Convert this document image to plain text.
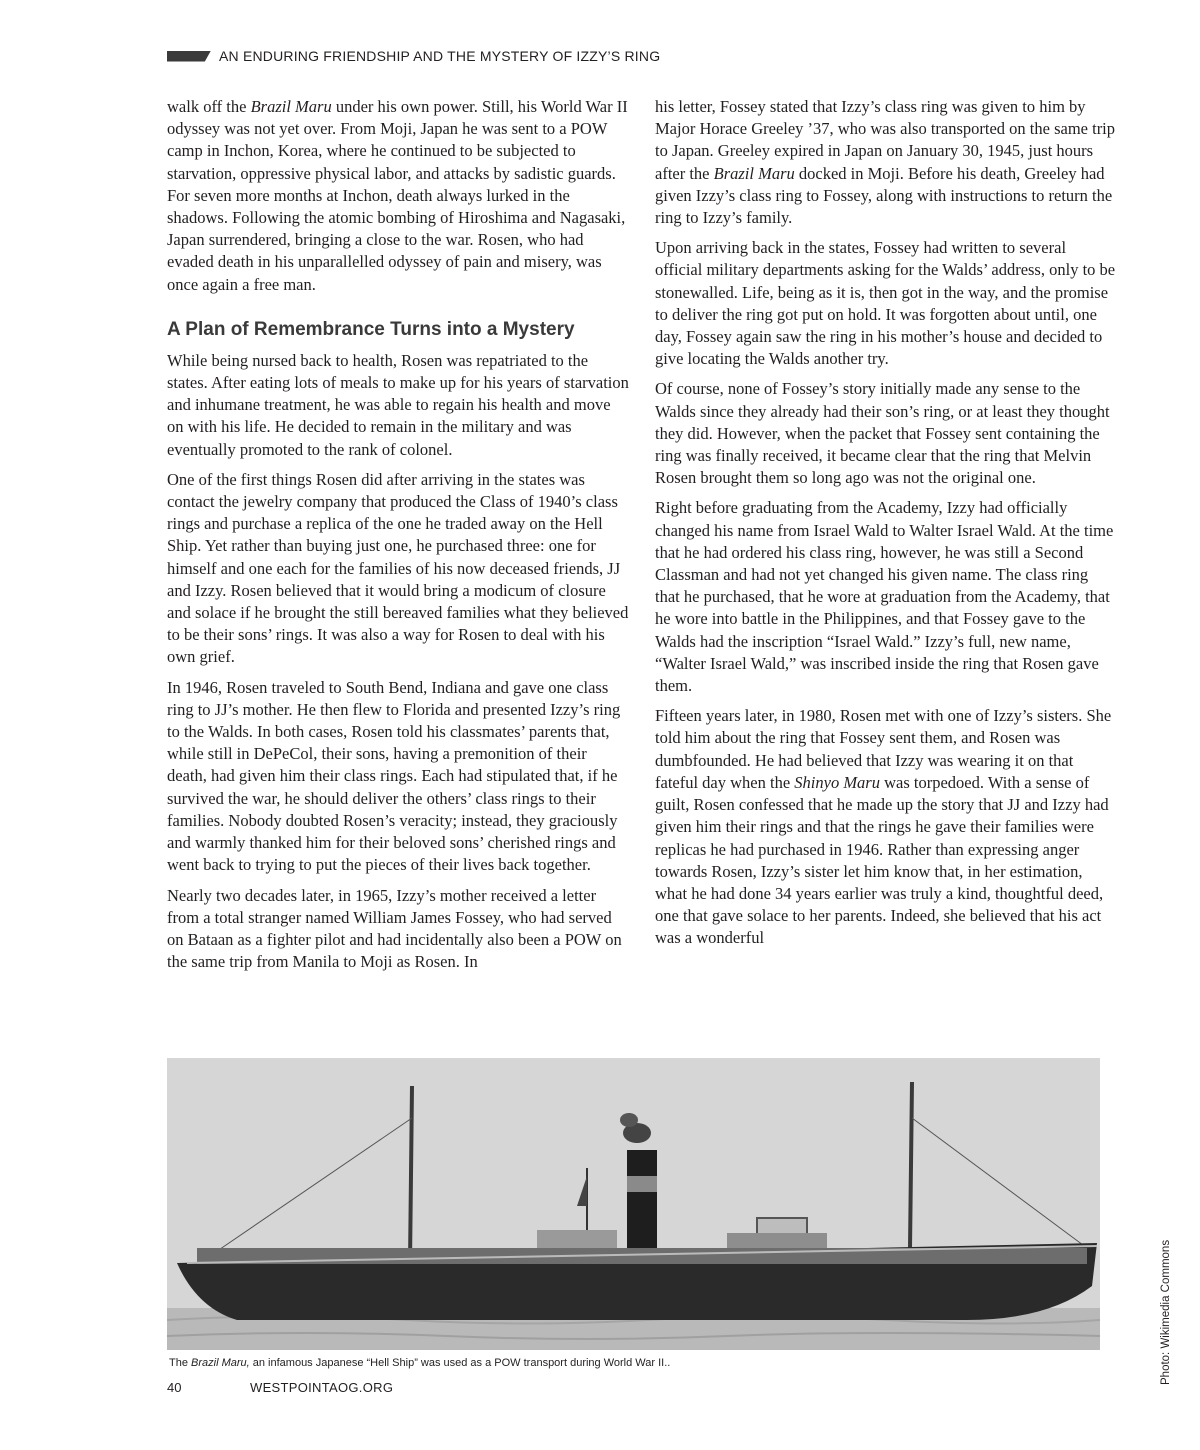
AN ENDURING FRIENDSHIP AND THE MYSTERY OF IZZY’S RING

walk off the Brazil Maru under his own power. Still, his World War II odyssey was not yet over. From Moji, Japan he was sent to a POW camp in Inchon, Korea, where he continued to be subjected to starvation, oppressive physical labor, and attacks by sadistic guards. For seven more months at Inchon, death always lurked in the shadows. Following the atomic bombing of Hiroshima and Nagasaki, Japan surrendered, bringing a close to the war. Rosen, who had evaded death in his unparallelled odyssey of pain and misery, was once again a free man.

A Plan of Remembrance Turns into a Mystery

While being nursed back to health, Rosen was repatriated to the states. After eating lots of meals to make up for his years of starvation and inhumane treatment, he was able to regain his health and move on with his life. He decided to remain in the military and was eventually promoted to the rank of colonel.

One of the first things Rosen did after arriving in the states was contact the jewelry company that produced the Class of 1940’s class rings and purchase a replica of the one he traded away on the Hell Ship. Yet rather than buying just one, he purchased three: one for himself and one each for the families of his now deceased friends, JJ and Izzy. Rosen believed that it would bring a modicum of closure and solace if he brought the still bereaved families what they believed to be their sons’ rings. It was also a way for Rosen to deal with his own grief.

In 1946, Rosen traveled to South Bend, Indiana and gave one class ring to JJ’s mother. He then flew to Florida and presented Izzy’s ring to the Walds. In both cases, Rosen told his classmates’ parents that, while still in DePeCol, their sons, having a premonition of their death, had given him their class rings. Each had stipulated that, if he survived the war, he should deliver the others’ class rings to their families. Nobody doubted Rosen’s veracity; instead, they graciously and warmly thanked him for their beloved sons’ cherished rings and went back to trying to put the pieces of their lives back together.

Nearly two decades later, in 1965, Izzy’s mother received a letter from a total stranger named William James Fossey, who had served on Bataan as a fighter pilot and had incidentally also been a POW on the same trip from Manila to Moji as Rosen. In

his letter, Fossey stated that Izzy’s class ring was given to him by Major Horace Greeley ’37, who was also transported on the same trip to Japan. Greeley expired in Japan on January 30, 1945, just hours after the Brazil Maru docked in Moji. Before his death, Greeley had given Izzy’s class ring to Fossey, along with instructions to return the ring to Izzy’s family.

Upon arriving back in the states, Fossey had written to several official military departments asking for the Walds’ address, only to be stonewalled. Life, being as it is, then got in the way, and the promise to deliver the ring got put on hold. It was forgotten about until, one day, Fossey again saw the ring in his mother’s house and decided to give locating the Walds another try.

Of course, none of Fossey’s story initially made any sense to the Walds since they already had their son’s ring, or at least they thought they did. However, when the packet that Fossey sent containing the ring was finally received, it became clear that the ring that Melvin Rosen brought them so long ago was not the original one.

Right before graduating from the Academy, Izzy had officially changed his name from Israel Wald to Walter Israel Wald. At the time that he had ordered his class ring, however, he was still a Second Classman and had not yet changed his given name. The class ring that he purchased, that he wore at graduation from the Academy, that he wore into battle in the Philippines, and that Fossey gave to the Walds had the inscription “Israel Wald.” Izzy’s full, new name, “Walter Israel Wald,” was inscribed inside the ring that Rosen gave them.

Fifteen years later, in 1980, Rosen met with one of Izzy’s sisters. She told him about the ring that Fossey sent them, and Rosen was dumbfounded. He had believed that Izzy was wearing it on that fateful day when the Shinyo Maru was torpedoed. With a sense of guilt, Rosen confessed that he made up the story that JJ and Izzy had given him their rings and that the rings he gave their families were replicas he had purchased in 1946. Rather than expressing anger towards Rosen, Izzy’s sister let him know that, in her estimation, what he had done 34 years earlier was truly a kind, thoughtful deed, one that gave solace to her parents. Indeed, she believed that his act was a wonderful

The Brazil Maru, an infamous Japanese “Hell Ship” was used as a POW transport during World War II..	Photo: Wikimedia Commons
40	WESTPOINTAOG.ORG
